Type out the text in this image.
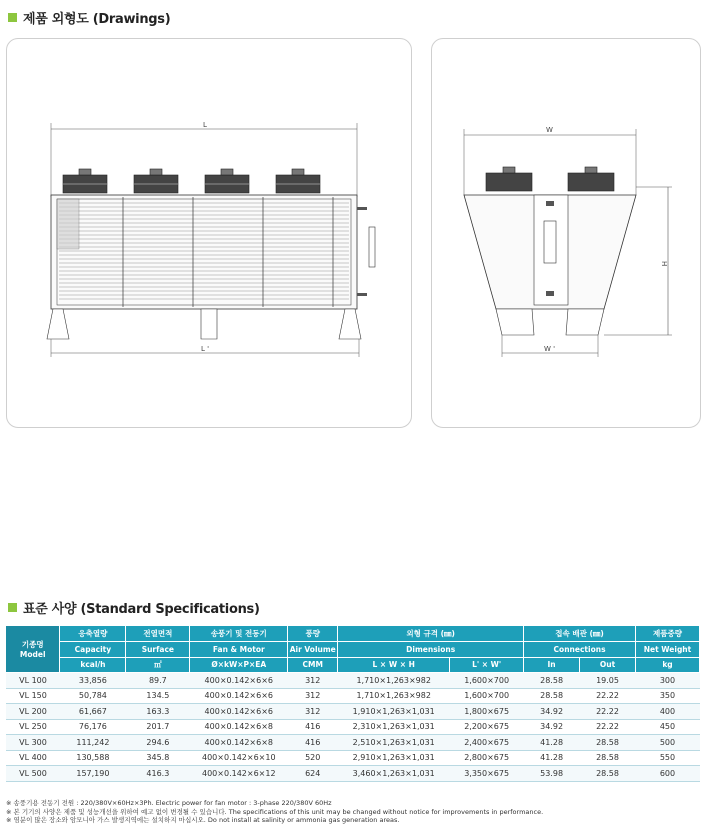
제품 외형도 (Drawings)
L
L '
W
H
W '
표준 사양 (Standard Specifications)
기종명
Model	응축열량	전열면적	송풍기 및 전동기	풍량	외형 규격 (㎜)		접속 배관 (㎜)		제품중량
	Capacity	Surface	Fan & Motor	Air Volume	Dimensions		Connections		Net Weight
	kcal/h	㎡	Ø×kW×P×EA	CMM	L × W × H	L' × W'	In	Out	kg
VL 100	33,856	89.7	400×0.142×6×6	312	1,710×1,263×982	1,600×700	28.58	19.05	300
VL 150	50,784	134.5	400×0.142×6×6	312	1,710×1,263×982	1,600×700	28.58	22.22	350
VL 200	61,667	163.3	400×0.142×6×6	312	1,910×1,263×1,031	1,800×675	34.92	22.22	400
VL 250	76,176	201.7	400×0.142×6×8	416	2,310×1,263×1,031	2,200×675	34.92	22.22	450
VL 300	111,242	294.6	400×0.142×6×8	416	2,510×1,263×1,031	2,400×675	41.28	28.58	500
VL 400	130,588	345.8	400×0.142×6×10	520	2,910×1,263×1,031	2,800×675	41.28	28.58	550
VL 500	157,190	416.3	400×0.142×6×12	624	3,460×1,263×1,031	3,350×675	53.98	28.58	600
※ 송풍기용 전동기 전원 : 220/380V×60Hz×3Ph. Electric power for fan motor : 3-phase 220/380V 60Hz
※ 본 기기의 사양은 제품 및 성능개선을 위하여 예고 없이 변경될 수 있습니다. The specifications of this unit may be changed without notice for improvements in performance.
※ 염분이 많은 장소와 암모니아 가스 발생지역에는 설치하지 마십시오. Do not install at salinity or ammonia gas generation areas.
